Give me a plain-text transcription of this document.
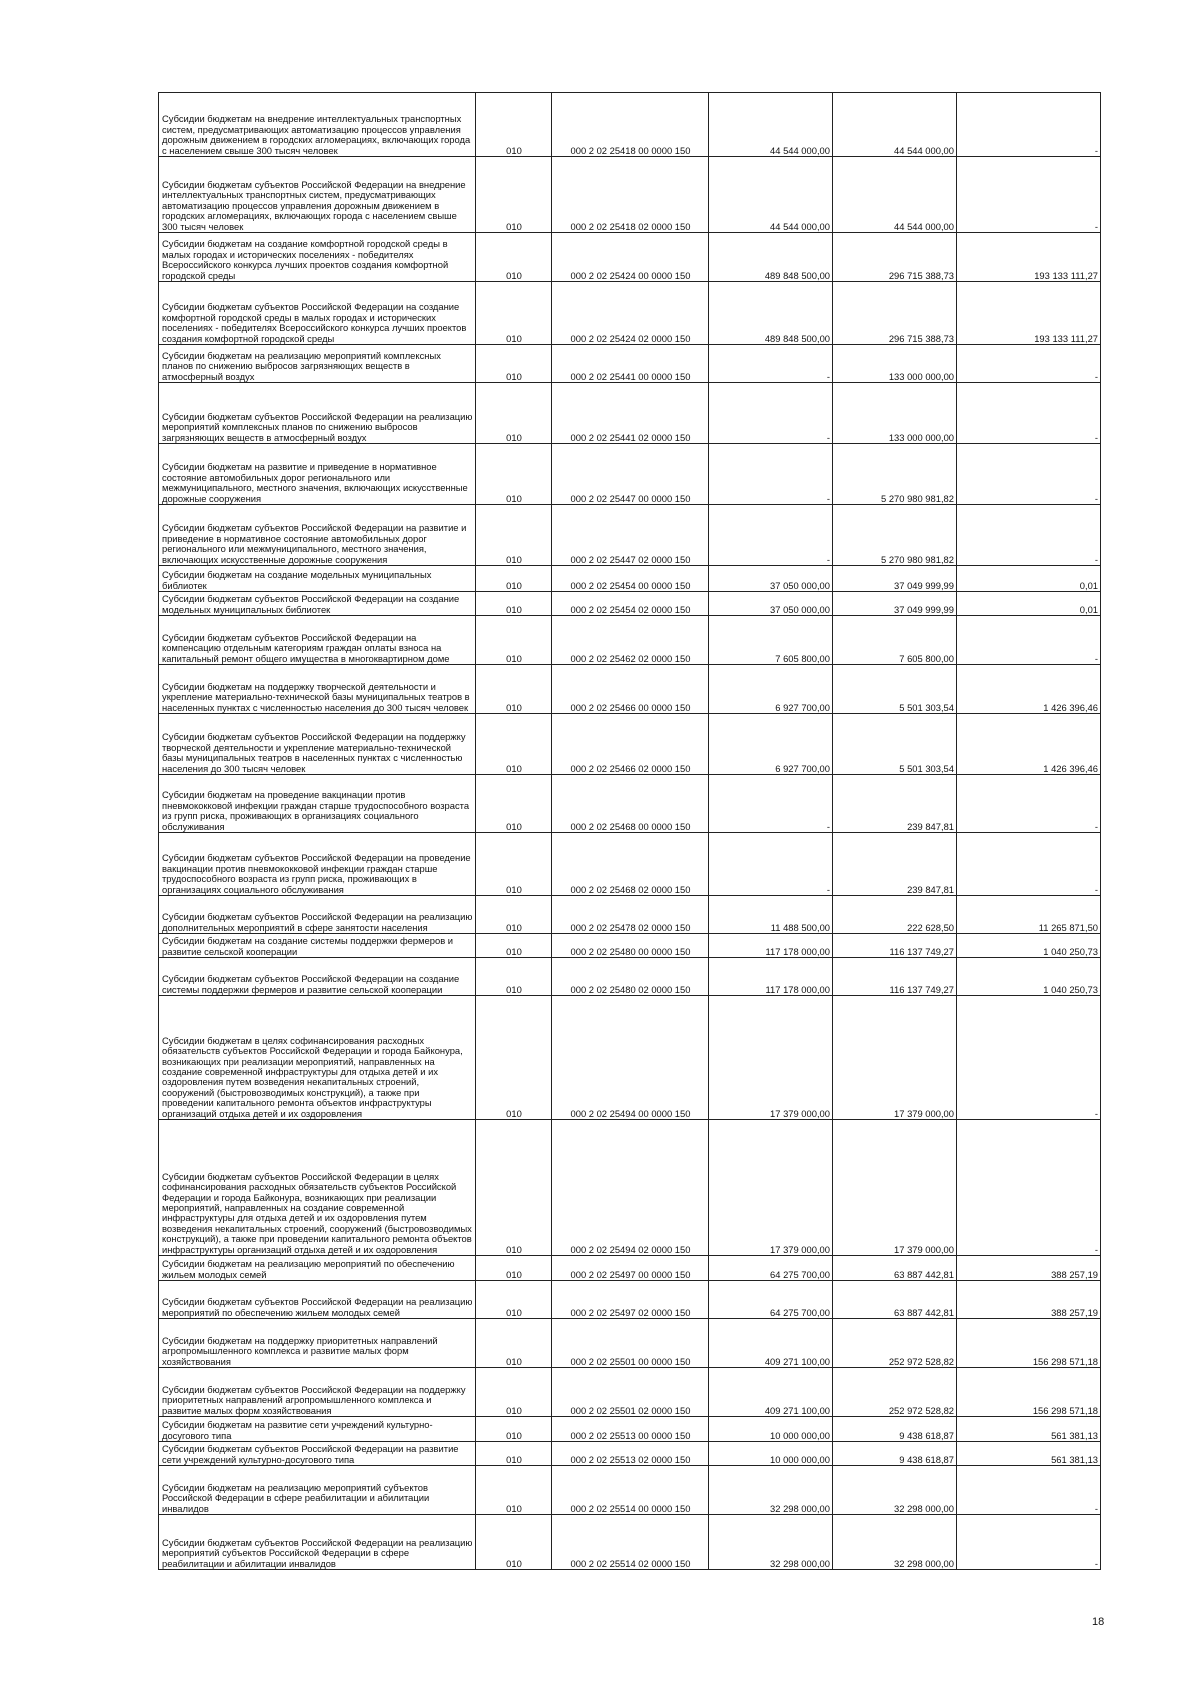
Субсидии бюджетам на внедрение интеллектуальных транспортных систем, предусматривающих автоматизацию процессов управления дорожным движением в городских агломерациях, включающих города с населением свыше 300 тысяч человек	010	000 2 02 25418 00 0000 150	44 544 000,00	44 544 000,00	-
Субсидии бюджетам субъектов Российской Федерации на внедрение интеллектуальных транспортных систем, предусматривающих автоматизацию процессов управления дорожным движением в городских агломерациях, включающих города с населением свыше 300 тысяч человек	010	000 2 02 25418 02 0000 150	44 544 000,00	44 544 000,00	-
Субсидии бюджетам на создание комфортной городской среды в малых городах и исторических поселениях - победителях Всероссийского конкурса лучших проектов создания комфортной городской среды	010	000 2 02 25424 00 0000 150	489 848 500,00	296 715 388,73	193 133 111,27
Субсидии бюджетам субъектов Российской Федерации на создание комфортной городской среды в малых городах и исторических поселениях - победителях Всероссийского конкурса лучших проектов создания комфортной городской среды	010	000 2 02 25424 02 0000 150	489 848 500,00	296 715 388,73	193 133 111,27
Субсидии бюджетам на реализацию мероприятий комплексных планов по снижению выбросов загрязняющих веществ в атмосферный воздух	010	000 2 02 25441 00 0000 150	-	133 000 000,00	-
Субсидии бюджетам субъектов Российской Федерации на реализацию мероприятий комплексных планов по снижению выбросов загрязняющих веществ в атмосферный воздух	010	000 2 02 25441 02 0000 150	-	133 000 000,00	-
Субсидии бюджетам на развитие и приведение в нормативное состояние автомобильных дорог регионального или межмуниципального, местного значения, включающих искусственные дорожные сооружения	010	000 2 02 25447 00 0000 150	-	5 270 980 981,82	-
Субсидии бюджетам субъектов Российской Федерации на развитие и приведение в нормативное состояние автомобильных дорог регионального или межмуниципального, местного значения, включающих искусственные дорожные сооружения	010	000 2 02 25447 02 0000 150	-	5 270 980 981,82	-
Субсидии бюджетам на создание модельных муниципальных библиотек	010	000 2 02 25454 00 0000 150	37 050 000,00	37 049 999,99	0,01
Субсидии бюджетам субъектов Российской Федерации на создание модельных муниципальных библиотек	010	000 2 02 25454 02 0000 150	37 050 000,00	37 049 999,99	0,01
Субсидии бюджетам субъектов Российской Федерации на компенсацию отдельным категориям граждан оплаты взноса на капитальный ремонт общего имущества в многоквартирном доме	010	000 2 02 25462 02 0000 150	7 605 800,00	7 605 800,00	-
Субсидии бюджетам на поддержку творческой деятельности и укрепление материально-технической базы муниципальных театров в населенных пунктах с численностью населения до 300 тысяч человек	010	000 2 02 25466 00 0000 150	6 927 700,00	5 501 303,54	1 426 396,46
Субсидии бюджетам субъектов Российской Федерации на поддержку творческой деятельности и укрепление материально-технической базы муниципальных театров в населенных пунктах с численностью населения до 300 тысяч человек	010	000 2 02 25466 02 0000 150	6 927 700,00	5 501 303,54	1 426 396,46
Субсидии бюджетам на проведение вакцинации против пневмококковой инфекции граждан старше трудоспособного возраста из групп риска, проживающих в организациях социального обслуживания	010	000 2 02 25468 00 0000 150	-	239 847,81	-
Субсидии бюджетам субъектов Российской Федерации на проведение вакцинации против пневмококковой инфекции граждан старше трудоспособного возраста из групп риска, проживающих в организациях социального обслуживания	010	000 2 02 25468 02 0000 150	-	239 847,81	-
Субсидии бюджетам субъектов Российской Федерации на реализацию дополнительных мероприятий в сфере занятости населения	010	000 2 02 25478 02 0000 150	11 488 500,00	222 628,50	11 265 871,50
Субсидии бюджетам на создание системы поддержки фермеров и развитие сельской кооперации	010	000 2 02 25480 00 0000 150	117 178 000,00	116 137 749,27	1 040 250,73
Субсидии бюджетам субъектов Российской Федерации на создание системы поддержки фермеров и развитие сельской кооперации	010	000 2 02 25480 02 0000 150	117 178 000,00	116 137 749,27	1 040 250,73
Субсидии бюджетам в целях софинансирования расходных обязательств субъектов Российской Федерации и города Байконура, возникающих при реализации мероприятий, направленных на создание современной инфраструктуры для отдыха детей и их оздоровления путем возведения некапитальных строений, сооружений (быстровозводимых конструкций), а также при проведении капитального ремонта объектов инфраструктуры организаций отдыха детей и их оздоровления	010	000 2 02 25494 00 0000 150	17 379 000,00	17 379 000,00	-
Субсидии бюджетам субъектов Российской Федерации в целях софинансирования расходных обязательств субъектов Российской Федерации и города Байконура, возникающих при реализации мероприятий, направленных на создание современной инфраструктуры для отдыха детей и их оздоровления путем возведения некапитальных строений, сооружений (быстровозводимых конструкций), а также при проведении капитального ремонта объектов инфраструктуры организаций отдыха детей и их оздоровления	010	000 2 02 25494 02 0000 150	17 379 000,00	17 379 000,00	-
Субсидии бюджетам на реализацию мероприятий по обеспечению жильем молодых семей	010	000 2 02 25497 00 0000 150	64 275 700,00	63 887 442,81	388 257,19
Субсидии бюджетам субъектов Российской Федерации на реализацию мероприятий по обеспечению жильем молодых семей	010	000 2 02 25497 02 0000 150	64 275 700,00	63 887 442,81	388 257,19
Субсидии бюджетам на поддержку приоритетных направлений агропромышленного комплекса и развитие малых форм хозяйствования	010	000 2 02 25501 00 0000 150	409 271 100,00	252 972 528,82	156 298 571,18
Субсидии бюджетам субъектов Российской Федерации на поддержку приоритетных направлений агропромышленного комплекса и развитие малых форм хозяйствования	010	000 2 02 25501 02 0000 150	409 271 100,00	252 972 528,82	156 298 571,18
Субсидии бюджетам на развитие сети учреждений культурно-досугового типа	010	000 2 02 25513 00 0000 150	10 000 000,00	9 438 618,87	561 381,13
Субсидии бюджетам субъектов Российской Федерации на развитие сети учреждений культурно-досугового типа	010	000 2 02 25513 02 0000 150	10 000 000,00	9 438 618,87	561 381,13
Субсидии бюджетам на реализацию мероприятий субъектов Российской Федерации в сфере реабилитации и абилитации инвалидов	010	000 2 02 25514 00 0000 150	32 298 000,00	32 298 000,00	-
Субсидии бюджетам субъектов Российской Федерации на реализацию мероприятий субъектов Российской Федерации в сфере реабилитации и абилитации инвалидов	010	000 2 02 25514 02 0000 150	32 298 000,00	32 298 000,00	-
18
